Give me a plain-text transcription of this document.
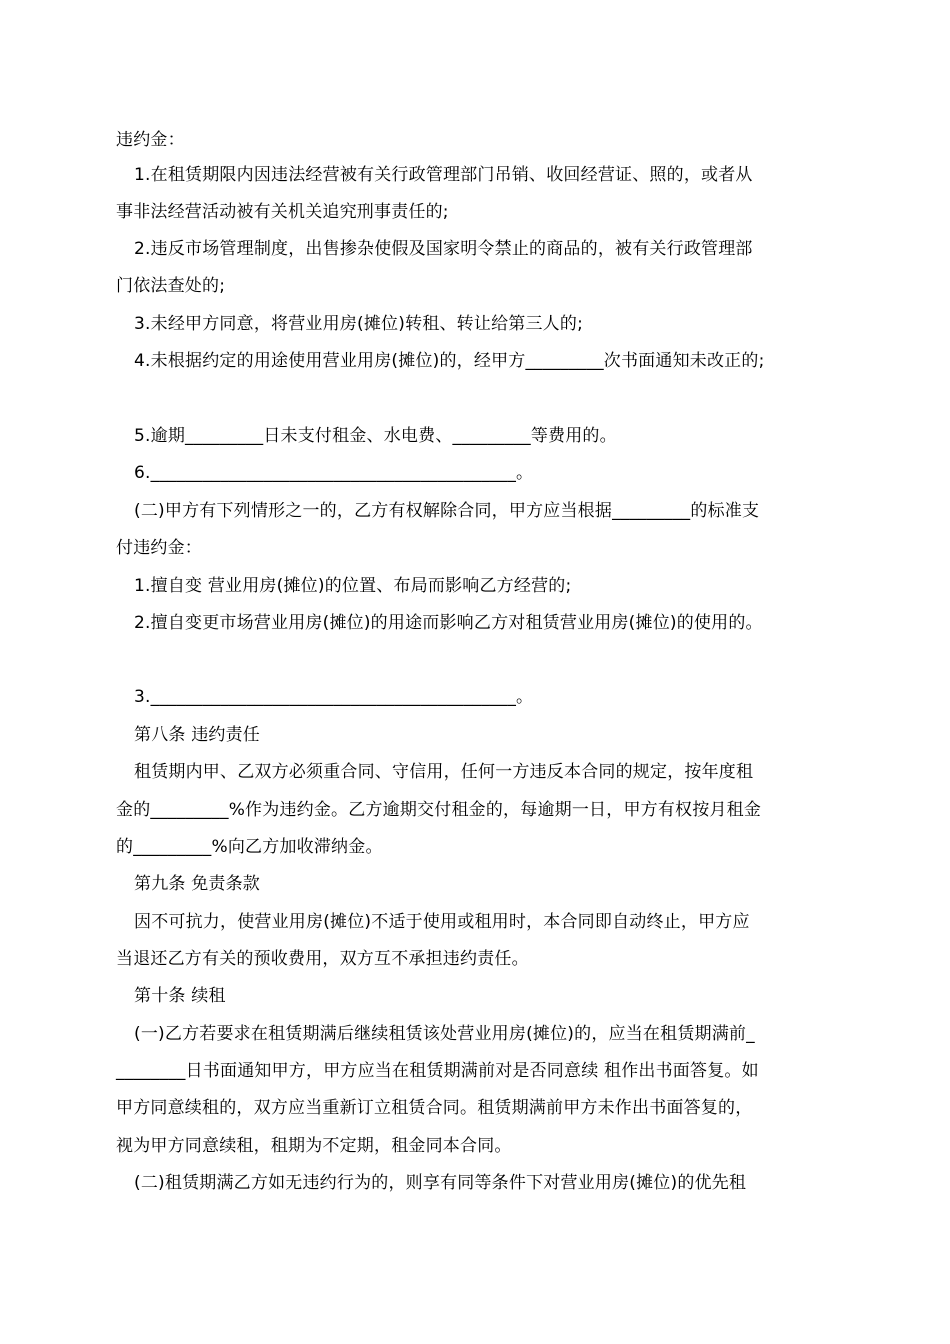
违约金：
1.在租赁期限内因违法经营被有关行政管理部门吊销、收回经营证、照的，或者从
事非法经营活动被有关机关追究刑事责任的;
2.违反市场管理制度，出售掺杂使假及国家明令禁止的商品的，被有关行政管理部
门依法查处的;
3.未经甲方同意，将营业用房(摊位)转租、转让给第三人的;
4.未根据约定的用途使用营业用房(摊位)的，经甲方_________次书面通知未改正的;
5.逾期_________日未支付租金、水电费、_________等费用的。
6.__________________________________________。
(二)甲方有下列情形之一的，乙方有权解除合同，甲方应当根据_________的标准支
付违约金：
1.擅自变 营业用房(摊位)的位置、布局而影响乙方经营的;
2.擅自变更市场营业用房(摊位)的用途而影响乙方对租赁营业用房(摊位)的使用的。
3.__________________________________________。
第八条 违约责任
租赁期内甲、乙双方必须重合同、守信用，任何一方违反本合同的规定，按年度租
金的_________%作为违约金。乙方逾期交付租金的，每逾期一日，甲方有权按月租金
的_________%向乙方加收滞纳金。
第九条 免责条款
因不可抗力，使营业用房(摊位)不适于使用或租用时，本合同即自动终止，甲方应
当退还乙方有关的预收费用，双方互不承担违约责任。
第十条 续租
(一)乙方若要求在租赁期满后继续租赁该处营业用房(摊位)的，应当在租赁期满前_
________日书面通知甲方，甲方应当在租赁期满前对是否同意续 租作出书面答复。如
甲方同意续租的，双方应当重新订立租赁合同。租赁期满前甲方未作出书面答复的，
视为甲方同意续租，租期为不定期，租金同本合同。
(二)租赁期满乙方如无违约行为的，则享有同等条件下对营业用房(摊位)的优先租
